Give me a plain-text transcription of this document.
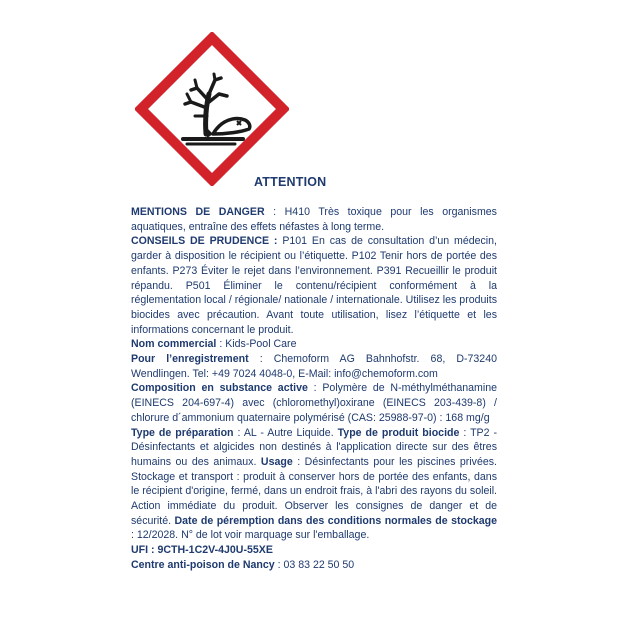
ATTENTION

MENTIONS DE DANGER : H410 Très toxique pour les organismes aquatiques, entraîne des effets néfastes à long terme.

CONSEILS DE PRUDENCE : P101 En cas de consultation d’un médecin, garder à disposition le récipient ou l’étiquette. P102 Tenir hors de portée des enfants. P273 Éviter le rejet dans l’environnement. P391 Recueillir le produit répandu. P501 Éliminer le contenu/récipient conformément à la réglementation local / régionale/ nationale / internationale. Utilisez les produits biocides avec précaution. Avant toute utilisation, lisez l’étiquette et les informations concernant le produit.

Nom commercial : Kids-Pool Care

Pour l’enregistrement : Chemoform AG Bahnhofstr. 68, D-73240 Wendlingen. Tel: +49 7024 4048-0, E-Mail: info@chemoform.com

Composition en substance active : Polymère de N-méthylméthanamine (EINECS 204-697-4) avec (chloromethyl)oxirane (EINECS 203-439-8) / chlorure d´ammonium quaternaire polymérisé (CAS: 25988-97-0) : 168 mg/g

Type de préparation : AL - Autre Liquide. Type de produit biocide : TP2 - Désinfectants et algicides non destinés à l'application directe sur des êtres humains ou des animaux. Usage : Désinfectants pour les piscines privées. Stockage et transport : produit à conserver hors de portée des enfants, dans le récipient d'origine, fermé, dans un endroit frais, à l'abri des rayons du soleil. Action immédiate du produit. Observer les consignes de danger et de sécurité. Date de péremption dans des conditions normales de stockage : 12/2028. N° de lot voir marquage sur l'emballage.

UFI : 9CTH-1C2V-4J0U-55XE

Centre anti-poison de Nancy : 03 83 22 50 50
